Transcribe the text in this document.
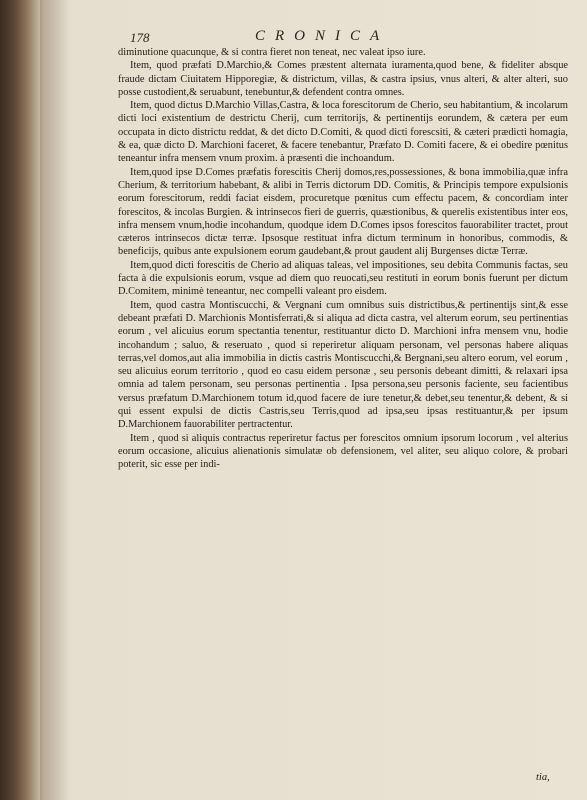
178	CRONICA

diminutione quacunque, & si contra fieret non teneat, nec valeat ipso iure.

Item, quod præfati D.Marchio,& Comes præstent alternata iuramenta,quod bene, & fideliter absque fraude dictam Ciuitatem Hipporegiæ, & districtum, villas, & castra ipsius, vnus alteri, & alter alteri, suo posse custodient,& seruabunt, tenebuntur,& defendent contra omnes.

Item, quod dictus D.Marchio Villas,Castra, & loca forescitorum de Cherio, seu habitantium, & incolarum dicti loci existentium de destrictu Cherij, cum territorijs, & pertinentijs eorundem, & cætera per eum occupata in dicto districtu reddat, & det dicto D.Comiti, & quod dicti forescsiti, & cæteri prædicti homagia, & ea, quæ dicto D. Marchioni faceret, & facere tenebantur, Præfato D. Comiti facere, & ei obedire pœnitus teneantur infra mensem vnum proxim. à præsenti die inchoandum.

Item,quod ipse D.Comes præfatis forescitis Cherij domos,res,possessiones, & bona immobilia,quæ infra Cherium, & territorium habebant, & alibi in Terris dictorum DD. Comitis, & Principis tempore expulsionis eorum forescitorum, reddi faciat eisdem, procuretque pœnitus cum effectu pacem, & concordiam inter forescitos, & incolas Burgien. & intrinsecos fieri de guerris, quæstionibus, & querelis existentibus inter eos, infra mensem vnum,hodie incohandum, quodque idem D.Comes ipsos forescitos fauorabiliter tractet, prout cæteros intrinsecos dictæ terræ. Ipsosque restituat infra dictum terminum in honoribus, commodis, & beneficijs, quibus ante expulsionem eorum gaudebant,& prout gaudent alij Burgenses dictæ Terræ.

Item,quod dicti forescitis de Cherio ad aliquas taleas, vel impositiones, seu debita Communis factas, seu facta à die expulsionis eorum, vsque ad diem quo reuocati,seu restituti in eorum bonis fuerunt per dictum D.Comitem, minimè teneantur, nec compelli valeant pro eisdem.

Item, quod castra Montiscucchi, & Vergnani cum omnibus suis districtibus,& pertinentijs sint,& esse debeant præfati D. Marchionis Montisferrati,& si aliqua ad dicta castra, vel alterum eorum, seu pertinentias eorum , vel alicuius eorum spectantia tenentur, restituantur dicto D. Marchioni infra mensem vnu, hodie incohandum ; saluo, & reseruato , quod si reperiretur aliquam personam, vel personas habere aliquas terras,vel domos,aut alia immobilia in dictis castris Montiscucchi,& Bergnani,seu altero eorum, vel eorum , seu alicuius eorum territorio , quod eo casu eidem personæ , seu personis debeant dimitti, & relaxari ipsa omnia ad talem personam, seu personas pertinentia . Ipsa persona,seu personis faciente, seu facientibus versus præfatum D.Marchionem totum id,quod facere de iure tenetur,& debet,seu tenentur,& debent, & si qui essent expulsi de dictis Castris,seu Terris,quod ad ipsa,seu ipsas restituantur,& per ipsum D.Marchionem fauorabiliter pertractentur.

Item , quod si aliquis contractus reperiretur factus per forescitos omnium ipsorum locorum , vel alterius eorum occasione, alicuius alienationis simulatæ ob defensionem, vel aliter, seu aliquo colore, & probari poterit, sic esse per indi-

tia,
